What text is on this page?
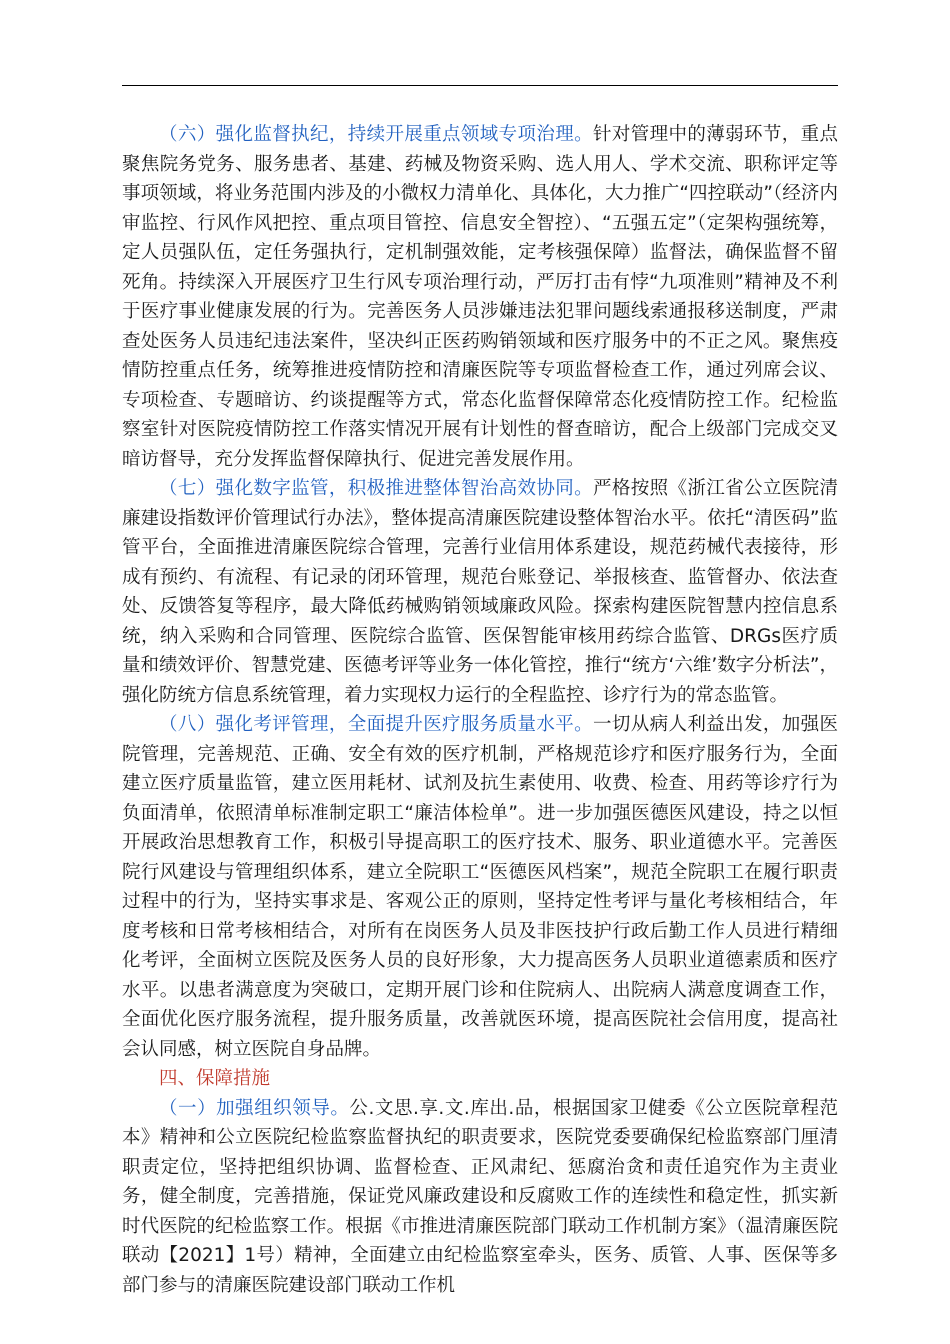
（六）强化监督执纪，持续开展重点领域专项治理。针对管理中的薄弱环节，重点聚焦院务党务、服务患者、基建、药械及物资采购、选人用人、学术交流、职称评定等事项领域，将业务范围内涉及的小微权力清单化、具体化，大力推广“四控联动”（经济内审监控、行风作风把控、重点项目管控、信息安全智控）、“五强五定”（定架构强统筹，定人员强队伍，定任务强执行，定机制强效能，定考核强保障）监督法，确保监督不留死角。持续深入开展医疗卫生行风专项治理行动，严厉打击有悖“九项准则”精神及不利于医疗事业健康发展的行为。完善医务人员涉嫌违法犯罪问题线索通报移送制度，严肃查处医务人员违纪违法案件，坚决纠正医药购销领域和医疗服务中的不正之风。聚焦疫情防控重点任务，统筹推进疫情防控和清廉医院等专项监督检查工作，通过列席会议、专项检查、专题暗访、约谈提醒等方式，常态化监督保障常态化疫情防控工作。纪检监察室针对医院疫情防控工作落实情况开展有计划性的督查暗访，配合上级部门完成交叉暗访督导，充分发挥监督保障执行、促进完善发展作用。

（七）强化数字监管，积极推进整体智治高效协同。严格按照《浙江省公立医院清廉建设指数评价管理试行办法》，整体提高清廉医院建设整体智治水平。依托“清医码”监管平台，全面推进清廉医院综合管理，完善行业信用体系建设，规范药械代表接待，形成有预约、有流程、有记录的闭环管理，规范台账登记、举报核查、监管督办、依法查处、反馈答复等程序，最大降低药械购销领域廉政风险。探索构建医院智慧内控信息系统，纳入采购和合同管理、医院综合监管、医保智能审核用药综合监管、DRGs医疗质量和绩效评价、智慧党建、医德考评等业务一体化管控，推行“统方‘六维’数字分析法”，强化防统方信息系统管理，着力实现权力运行的全程监控、诊疗行为的常态监管。

（八）强化考评管理，全面提升医疗服务质量水平。一切从病人利益出发，加强医院管理，完善规范、正确、安全有效的医疗机制，严格规范诊疗和医疗服务行为，全面建立医疗质量监管，建立医用耗材、试剂及抗生素使用、收费、检查、用药等诊疗行为负面清单，依照清单标准制定职工“廉洁体检单”。进一步加强医德医风建设，持之以恒开展政治思想教育工作，积极引导提高职工的医疗技术、服务、职业道德水平。完善医院行风建设与管理组织体系，建立全院职工“医德医风档案”，规范全院职工在履行职责过程中的行为，坚持实事求是、客观公正的原则，坚持定性考评与量化考核相结合，年度考核和日常考核相结合，对所有在岗医务人员及非医技护行政后勤工作人员进行精细化考评，全面树立医院及医务人员的良好形象，大力提高医务人员职业道德素质和医疗水平。以患者满意度为突破口，定期开展门诊和住院病人、出院病人满意度调查工作，全面优化医疗服务流程，提升服务质量，改善就医环境，提高医院社会信用度，提高社会认同感，树立医院自身品牌。

四、保障措施

（一）加强组织领导。公.文思.享.文.库出.品，根据国家卫健委《公立医院章程范本》精神和公立医院纪检监察监督执纪的职责要求，医院党委要确保纪检监察部门厘清职责定位，坚持把组织协调、监督检查、正风肃纪、惩腐治贪和责任追究作为主责业务，健全制度，完善措施，保证党风廉政建设和反腐败工作的连续性和稳定性，抓实新时代医院的纪检监察工作。根据《市推进清廉医院部门联动工作机制方案》（温清廉医院联动【2021】1号）精神，全面建立由纪检监察室牵头，医务、质管、人事、医保等多部门参与的清廉医院建设部门联动工作机
